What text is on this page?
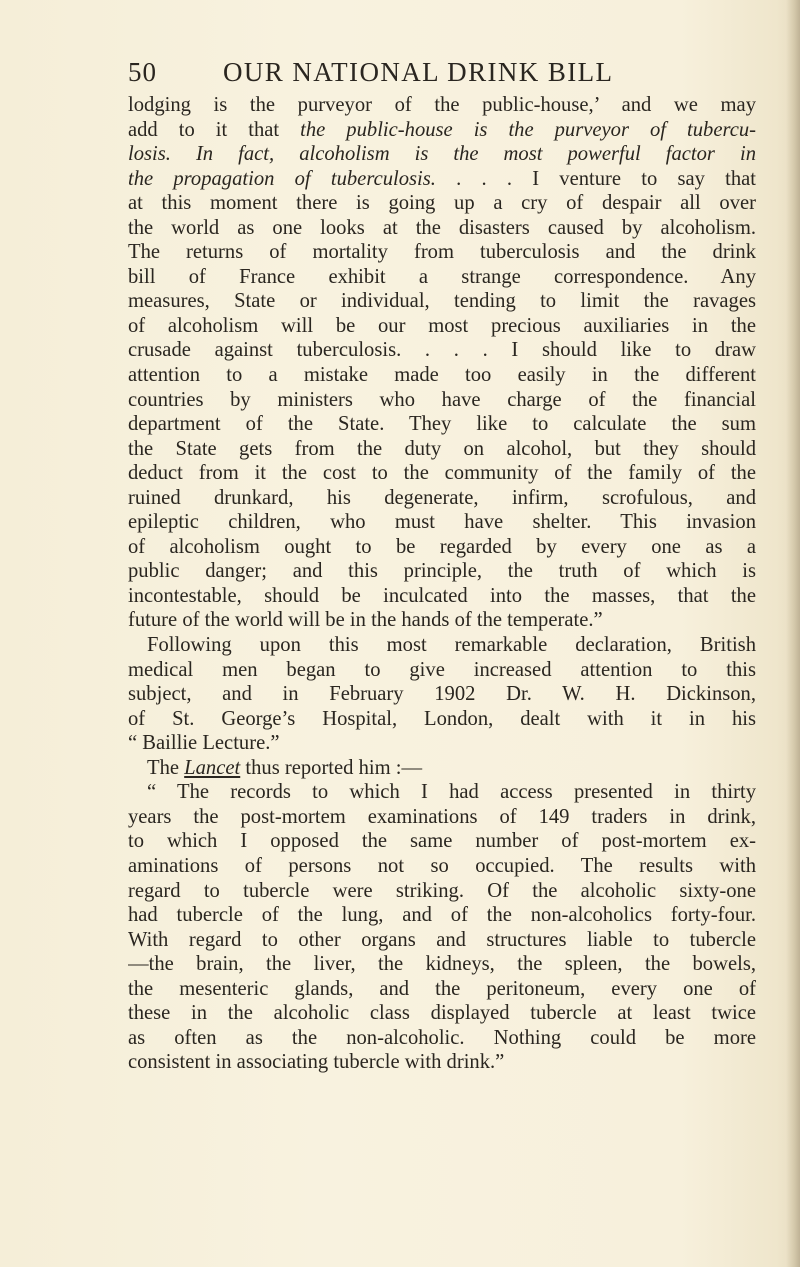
50 OUR NATIONAL DRINK BILL
lodging is the purveyor of the public-house,’ and we may
add to it that the public-house is the purveyor of tubercu-
losis. In fact, alcoholism is the most powerful factor in
the propagation of tuberculosis. . . . I venture to say that
at this moment there is going up a cry of despair all over
the world as one looks at the disasters caused by alcoholism.
The returns of mortality from tuberculosis and the drink
bill of France exhibit a strange correspondence. Any
measures, State or individual, tending to limit the ravages
of alcoholism will be our most precious auxiliaries in the
crusade against tuberculosis. . . . I should like to draw
attention to a mistake made too easily in the different
countries by ministers who have charge of the financial
department of the State. They like to calculate the sum
the State gets from the duty on alcohol, but they should
deduct from it the cost to the community of the family of the
ruined drunkard, his degenerate, infirm, scrofulous, and
epileptic children, who must have shelter. This invasion
of alcoholism ought to be regarded by every one as a
public danger; and this principle, the truth of which is
incontestable, should be inculcated into the masses, that the
future of the world will be in the hands of the temperate.”
Following upon this most remarkable declaration, British
medical men began to give increased attention to this
subject, and in February 1902 Dr. W. H. Dickinson,
of St. George’s Hospital, London, dealt with it in his
“ Baillie Lecture.”
The Lancet thus reported him :—
“ The records to which I had access presented in thirty
years the post-mortem examinations of 149 traders in drink,
to which I opposed the same number of post-mortem ex-
aminations of persons not so occupied. The results with
regard to tubercle were striking. Of the alcoholic sixty-one
had tubercle of the lung, and of the non-alcoholics forty-four.
With regard to other organs and structures liable to tubercle
—the brain, the liver, the kidneys, the spleen, the bowels,
the mesenteric glands, and the peritoneum, every one of
these in the alcoholic class displayed tubercle at least twice
as often as the non-alcoholic. Nothing could be more
consistent in associating tubercle with drink.”
